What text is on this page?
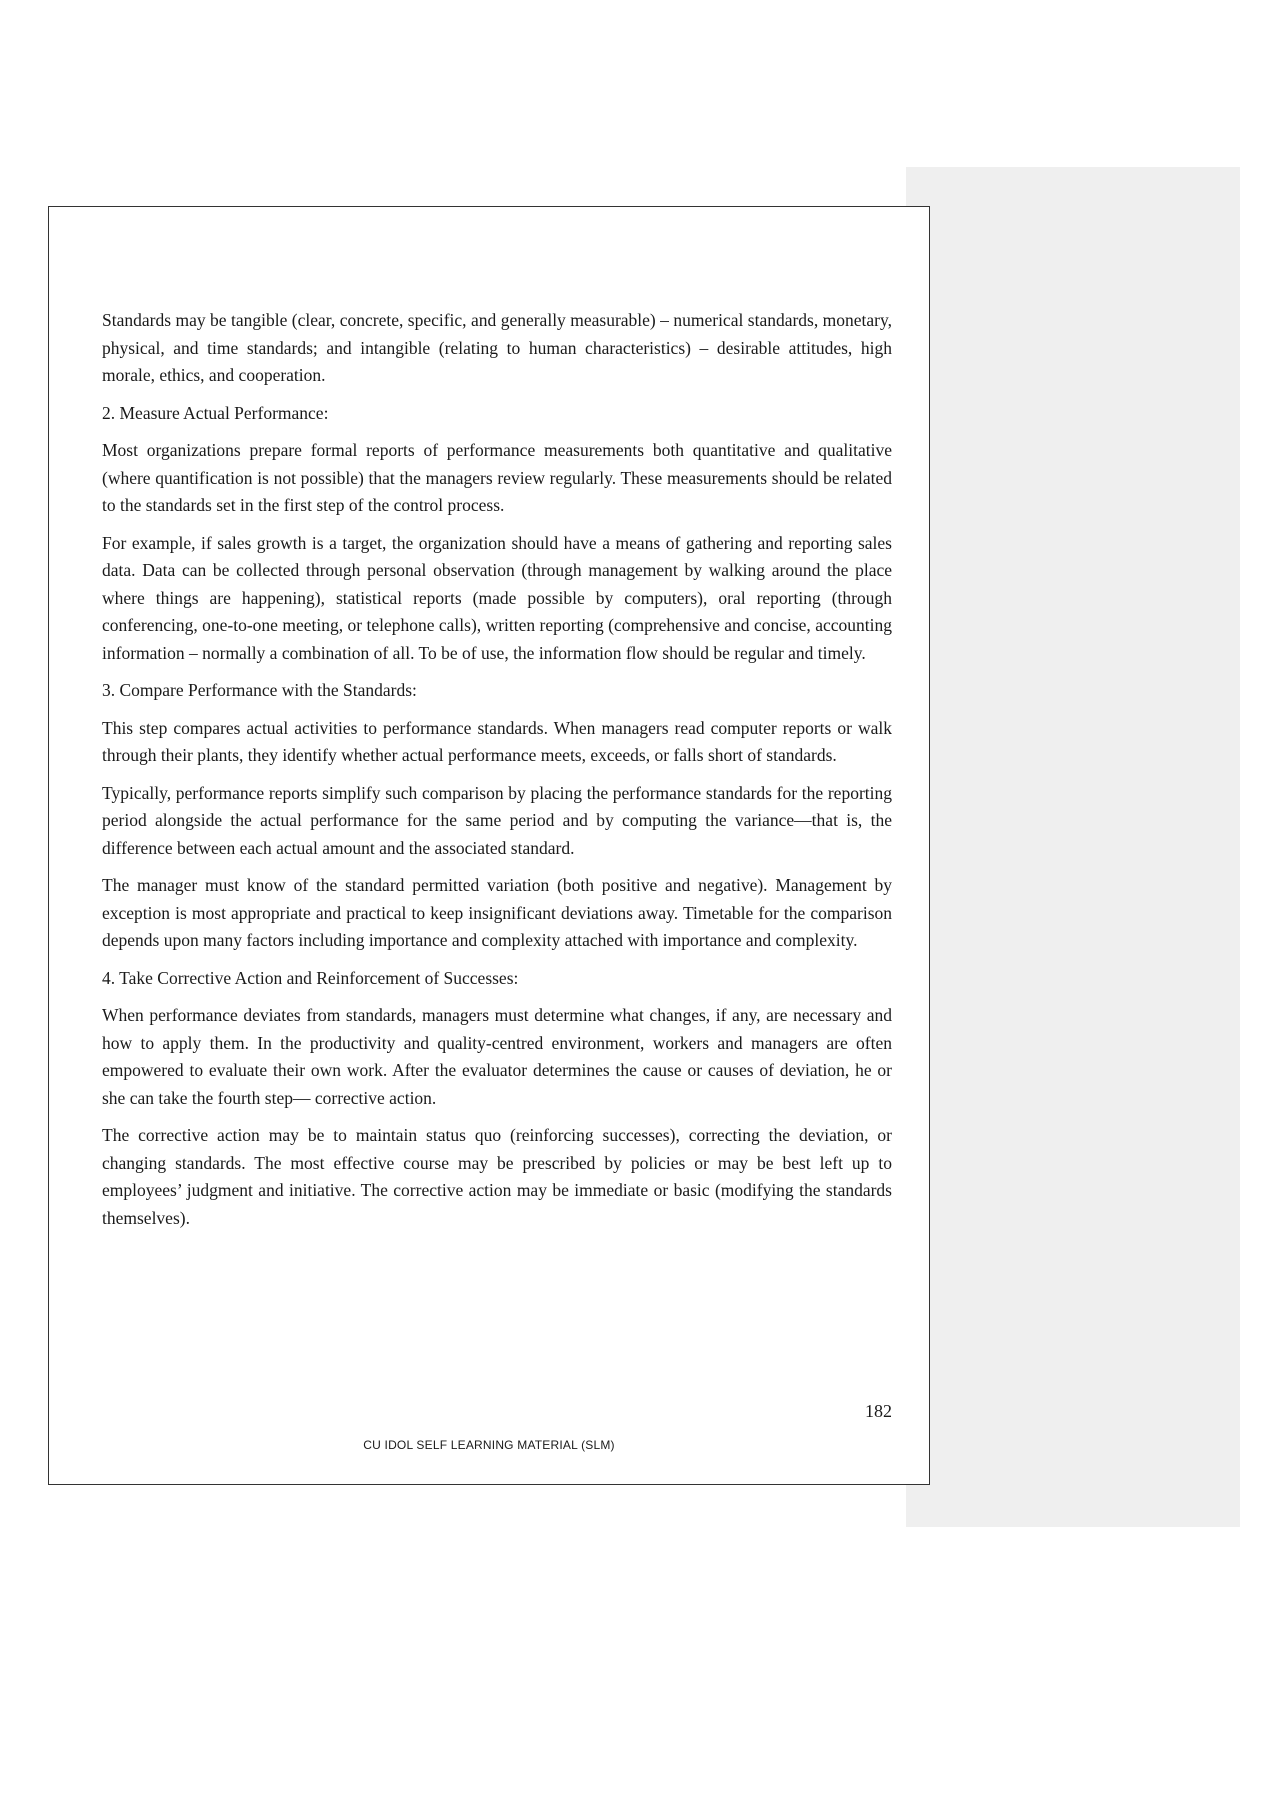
Standards may be tangible (clear, concrete, specific, and generally measurable) – numerical standards, monetary, physical, and time standards; and intangible (relating to human characteristics) – desirable attitudes, high morale, ethics, and cooperation.

2. Measure Actual Performance:

Most organizations prepare formal reports of performance measurements both quantitative and qualitative (where quantification is not possible) that the managers review regularly. These measurements should be related to the standards set in the first step of the control process.

For example, if sales growth is a target, the organization should have a means of gathering and reporting sales data. Data can be collected through personal observation (through management by walking around the place where things are happening), statistical reports (made possible by computers), oral reporting (through conferencing, one-to-one meeting, or telephone calls), written reporting (comprehensive and concise, accounting information – normally a combination of all. To be of use, the information flow should be regular and timely.

3. Compare Performance with the Standards:

This step compares actual activities to performance standards. When managers read computer reports or walk through their plants, they identify whether actual performance meets, exceeds, or falls short of standards.

Typically, performance reports simplify such comparison by placing the performance standards for the reporting period alongside the actual performance for the same period and by computing the variance—that is, the difference between each actual amount and the associated standard.

The manager must know of the standard permitted variation (both positive and negative). Management by exception is most appropriate and practical to keep insignificant deviations away. Timetable for the comparison depends upon many factors including importance and complexity attached with importance and complexity.

4. Take Corrective Action and Reinforcement of Successes:

When performance deviates from standards, managers must determine what changes, if any, are necessary and how to apply them. In the productivity and quality-centred environment, workers and managers are often empowered to evaluate their own work. After the evaluator determines the cause or causes of deviation, he or she can take the fourth step— corrective action.

The corrective action may be to maintain status quo (reinforcing successes), correcting the deviation, or changing standards. The most effective course may be prescribed by policies or may be best left up to employees’ judgment and initiative. The corrective action may be immediate or basic (modifying the standards themselves).

182
CU IDOL SELF LEARNING MATERIAL (SLM)
